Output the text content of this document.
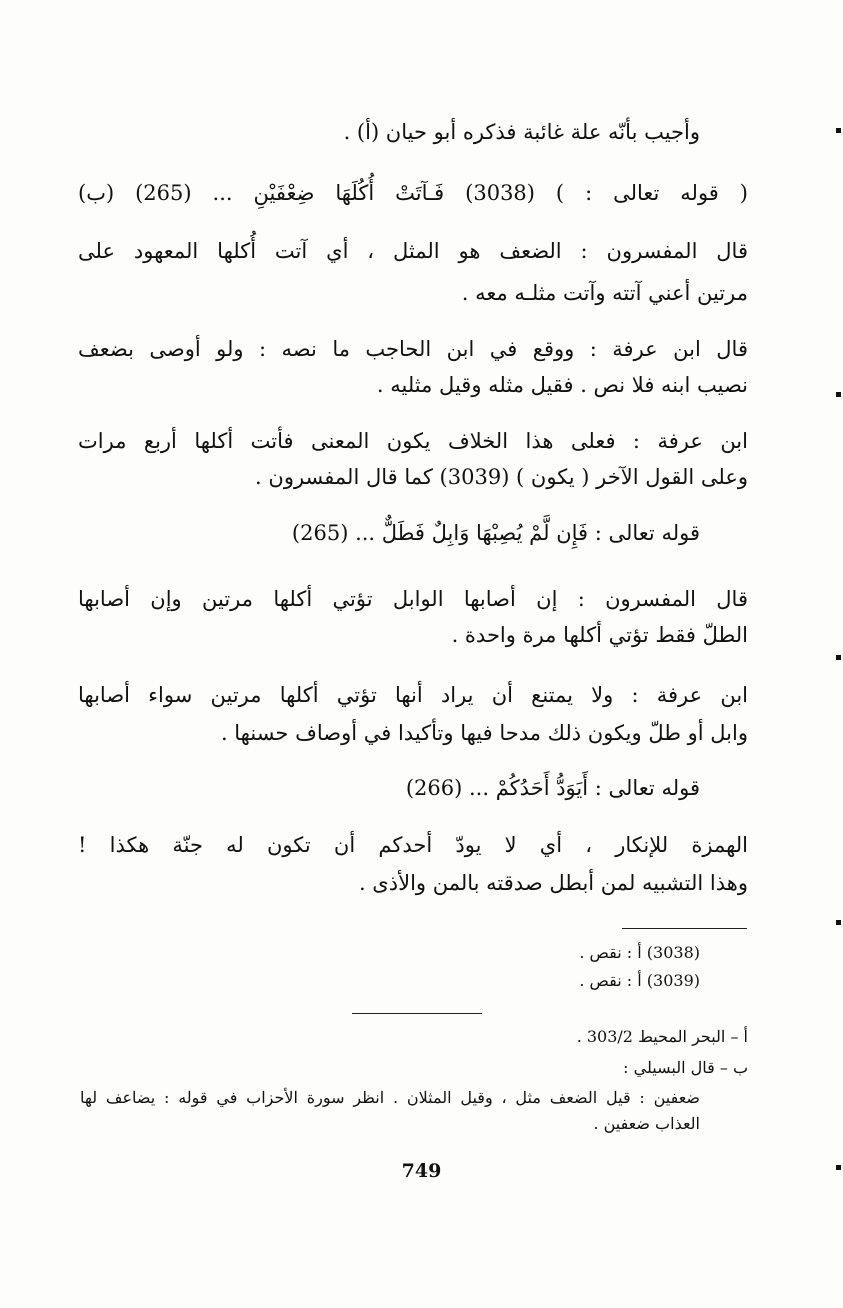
وأجيب بأنّه علة غائبة فذكره أبو حيان (أ) .
( قوله تعالى : ) (3038) فَـآتَتْ أُكُلَهَا ضِعْفَيْنِ ... (265) (ب)
قال المفسرون : الضعف هو المثل ، أي آتت أُكلها المعهود على
مرتين أعني آتته وآتت مثلـه معه .
قال ابن عرفة : ووقع في ابن الحاجب ما نصه : ولو أوصى بضعف
نصيب ابنه فلا نص . فقيل مثله وقيل مثليه .
ابن عرفة : فعلى هذا الخلاف يكون المعنى فأتت أكلها أربع مرات
وعلى القول الآخر ( يكون ) (3039) كما قال المفسرون .
قوله تعالى : فَإِن لَّمْ يُصِبْهَا وَابِلٌ فَطَلٌّ ... (265)
قال المفسرون : إن أصابها الوابل تؤتي أكلها مرتين وإن أصابها
الطلّ فقط تؤتي أكلها مرة واحدة .
ابن عرفة : ولا يمتنع أن يراد أنها تؤتي أكلها مرتين سواء أصابها
وابل أو طلّ ويكون ذلك مدحا فيها وتأكيدا في أوصاف حسنها .
قوله تعالى : أَيَوَدُّ أَحَدُكُمْ ... (266)
الهمزة للإنكار ، أي لا يودّ أحدكم أن تكون له جنّة هكذا !
وهذا التشبيه لمن أبطل صدقته بالمن والأذى .
(3038) أ : نقص .
(3039) أ : نقص .
أ – البحر المحيط 303/2 .
ب – قال البسيلي :
ضعفين : قيل الضعف مثل ، وقيل المثلان . انظر سورة الأحزاب في قوله : يضاعف لها
العذاب ضعفين .
749
